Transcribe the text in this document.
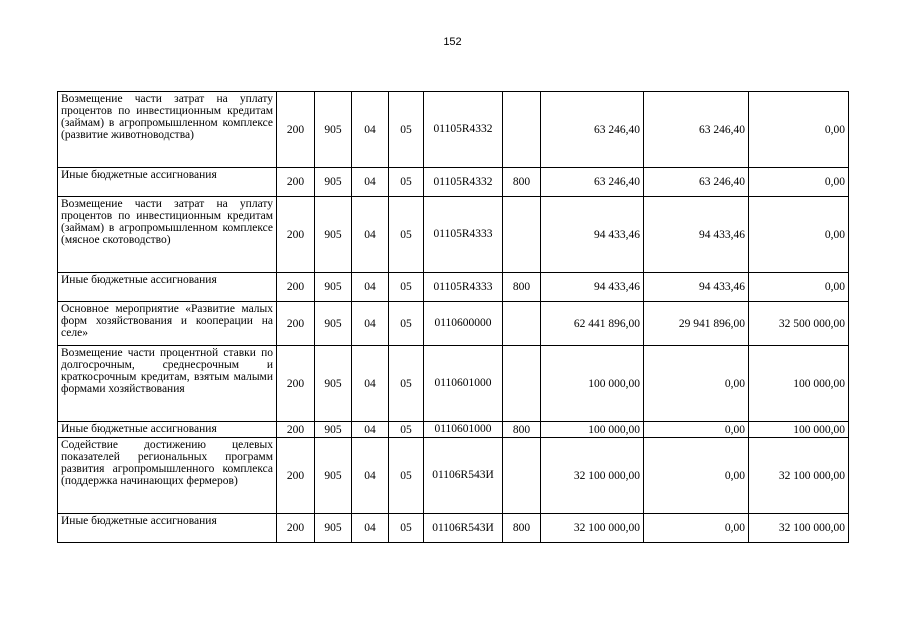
152
Возмещение части затрат на уплату процентов по инвестиционным кредитам (займам) в агропромышленном комплексе (развитие животноводства)	200	905	04	05	01105R4332		63 246,40	63 246,40	0,00
Иные бюджетные ассигнования	200	905	04	05	01105R4332	800	63 246,40	63 246,40	0,00
Возмещение части затрат на уплату процентов по инвестиционным кредитам (займам) в агропромышленном комплексе (мясное скотоводство)	200	905	04	05	01105R4333		94 433,46	94 433,46	0,00
Иные бюджетные ассигнования	200	905	04	05	01105R4333	800	94 433,46	94 433,46	0,00
Основное мероприятие «Развитие малых форм хозяйствования и кооперации на селе»	200	905	04	05	0110600000		62 441 896,00	29 941 896,00	32 500 000,00
Возмещение части процентной ставки по долгосрочным, среднесрочным и краткосрочным кредитам, взятым малыми формами хозяйствования	200	905	04	05	0110601000		100 000,00	0,00	100 000,00
Иные бюджетные ассигнования	200	905	04	05	0110601000	800	100 000,00	0,00	100 000,00
Содействие достижению целевых показателей региональных программ развития агропромышленного комплекса (поддержка начинающих фермеров)	200	905	04	05	01106R543И		32 100 000,00	0,00	32 100 000,00
Иные бюджетные ассигнования	200	905	04	05	01106R543И	800	32 100 000,00	0,00	32 100 000,00
